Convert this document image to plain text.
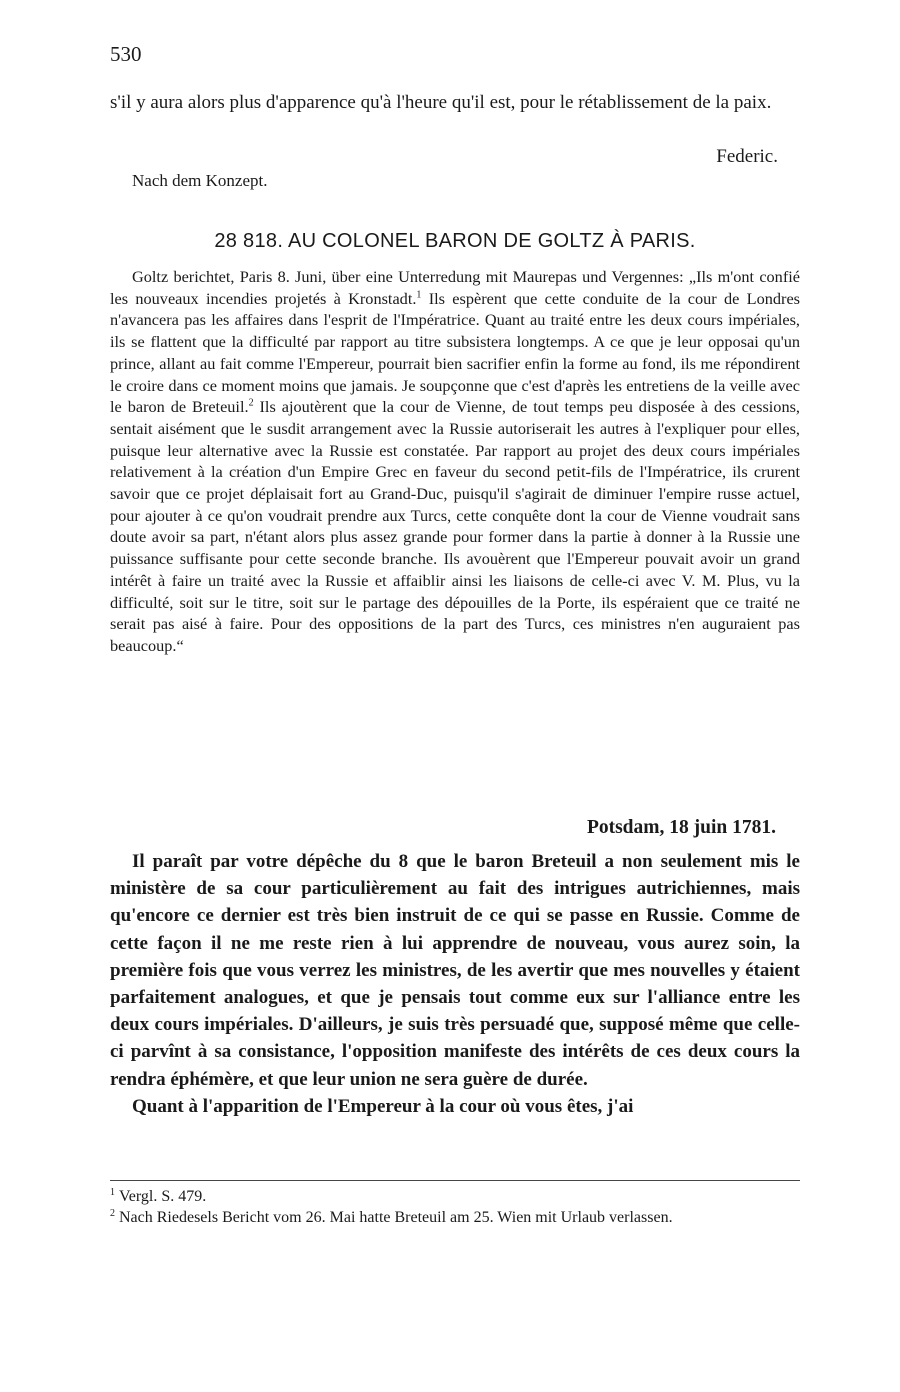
530

s'il y aura alors plus d'apparence qu'à l'heure qu'il est, pour le rétablissement de la paix.

Federic.
Nach dem Konzept.
28 818. AU COLONEL BARON DE GOLTZ À PARIS.

Goltz berichtet, Paris 8. Juni, über eine Unterredung mit Maurepas und Vergennes: „Ils m'ont confié les nouveaux incendies projetés à Kronstadt.$^1$ Ils espèrent que cette conduite de la cour de Londres n'avancera pas les affaires dans l'esprit de l'Impératrice. Quant au traité entre les deux cours impériales, ils se flattent que la difficulté par rapport au titre subsistera longtemps. A ce que je leur opposai qu'un prince, allant au fait comme l'Empereur, pourrait bien sacrifier enfin la forme au fond, ils me répondirent le croire dans ce moment moins que jamais. Je soupçonne que c'est d'après les entretiens de la veille avec le baron de Breteuil.$^2$ Ils ajoutèrent que la cour de Vienne, de tout temps peu disposée à des cessions, sentait aisément que le susdit arrangement avec la Russie autoriserait les autres à l'expliquer pour elles, puisque leur alternative avec la Russie est constatée. Par rapport au projet des deux cours impériales relativement à la création d'un Empire Grec en faveur du second petit-fils de l'Impératrice, ils crurent savoir que ce projet déplaisait fort au Grand-Duc, puisqu'il s'agirait de diminuer l'empire russe actuel, pour ajouter à ce qu'on voudrait prendre aux Turcs, cette conquête dont la cour de Vienne voudrait sans doute avoir sa part, n'étant alors plus assez grande pour former dans la partie à donner à la Russie une puissance suffisante pour cette seconde branche. Ils avouèrent que l'Empereur pouvait avoir un grand intérêt à faire un traité avec la Russie et affaiblir ainsi les liaisons de celle-ci avec V. M. Plus, vu la difficulté, soit sur le titre, soit sur le partage des dépouilles de la Porte, ils espéraient que ce traité ne serait pas aisé à faire. Pour des oppositions de la part des Turcs, ces ministres n'en auguraient pas beaucoup.“

Potsdam, 18 juin 1781.

Il paraît par votre dépêche du 8 que le baron Breteuil a non seulement mis le ministère de sa cour particulièrement au fait des intrigues autrichiennes, mais qu'encore ce dernier est très bien instruit de ce qui se passe en Russie. Comme de cette façon il ne me reste rien à lui apprendre de nouveau, vous aurez soin, la première fois que vous verrez les ministres, de les avertir que mes nouvelles y étaient parfaitement analogues, et que je pensais tout comme eux sur l'alliance entre les deux cours impériales. D'ailleurs, je suis très persuadé que, supposé même que celle-ci parvînt à sa consistance, l'opposition manifeste des intérêts de ces deux cours la rendra éphémère, et que leur union ne sera guère de durée.

Quant à l'apparition de l'Empereur à la cour où vous êtes, j'ai

$^1$ Vergl. S. 479.

$^2$ Nach Riedesels Bericht vom 26. Mai hatte Breteuil am 25. Wien mit Urlaub verlassen.
